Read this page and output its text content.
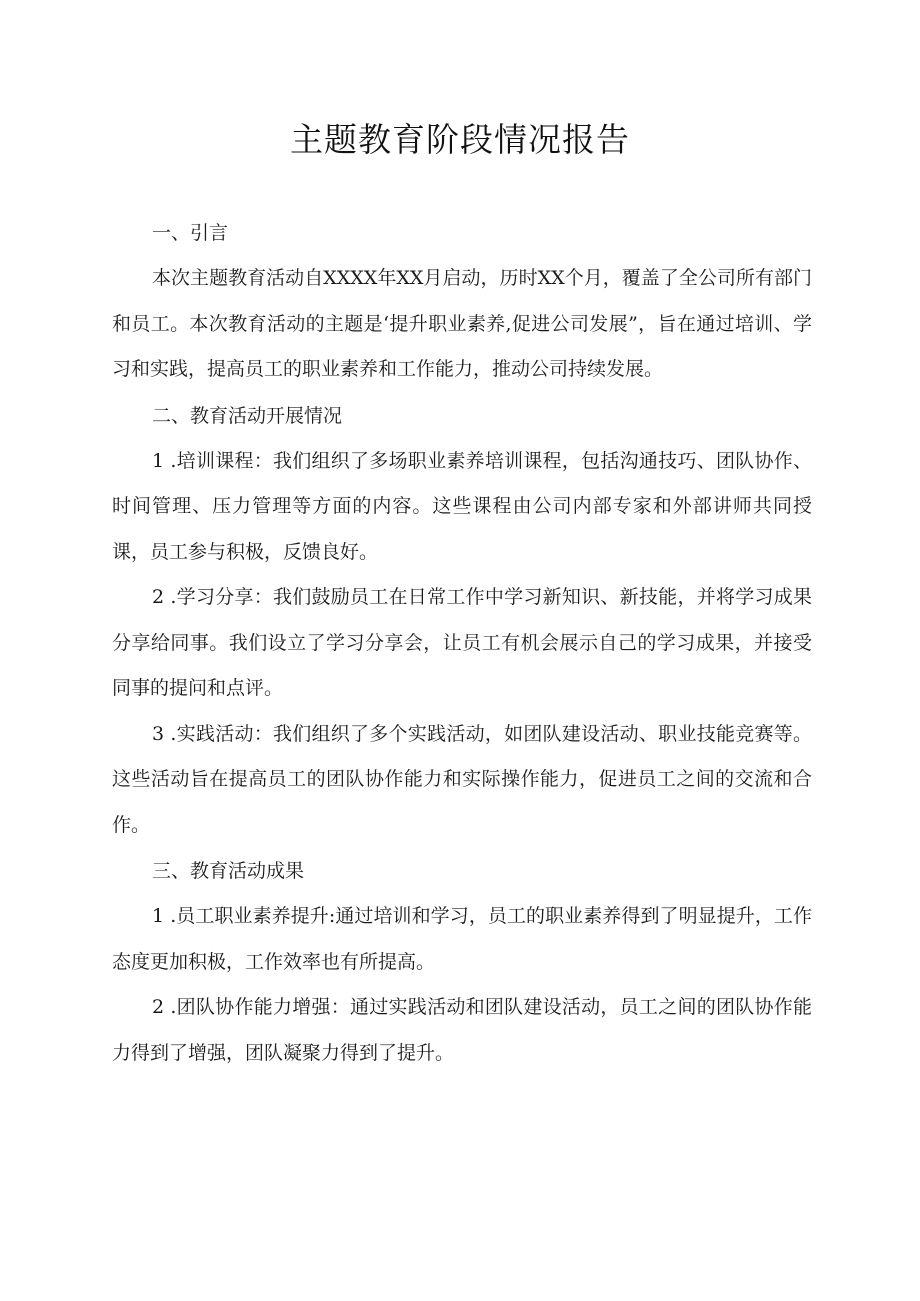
主题教育阶段情况报告

一、引言

本次主题教育活动自XXXX年XX月启动，历时XX个月，覆盖了全公司所有部门和员工。本次教育活动的主题是‘提升职业素养,促进公司发展”，旨在通过培训、学习和实践，提高员工的职业素养和工作能力，推动公司持续发展。

二、教育活动开展情况

1 .培训课程：我们组织了多场职业素养培训课程，包括沟通技巧、团队协作、时间管理、压力管理等方面的内容。这些课程由公司内部专家和外部讲师共同授课，员工参与积极，反馈良好。

2 .学习分享：我们鼓励员工在日常工作中学习新知识、新技能，并将学习成果分享给同事。我们设立了学习分享会，让员工有机会展示自己的学习成果，并接受同事的提问和点评。

3 .实践活动：我们组织了多个实践活动，如团队建设活动、职业技能竞赛等。这些活动旨在提高员工的团队协作能力和实际操作能力，促进员工之间的交流和合作。

三、教育活动成果

1 .员工职业素养提升:通过培训和学习，员工的职业素养得到了明显提升，工作态度更加积极，工作效率也有所提高。

2 .团队协作能力增强：通过实践活动和团队建设活动，员工之间的团队协作能力得到了增强，团队凝聚力得到了提升。
